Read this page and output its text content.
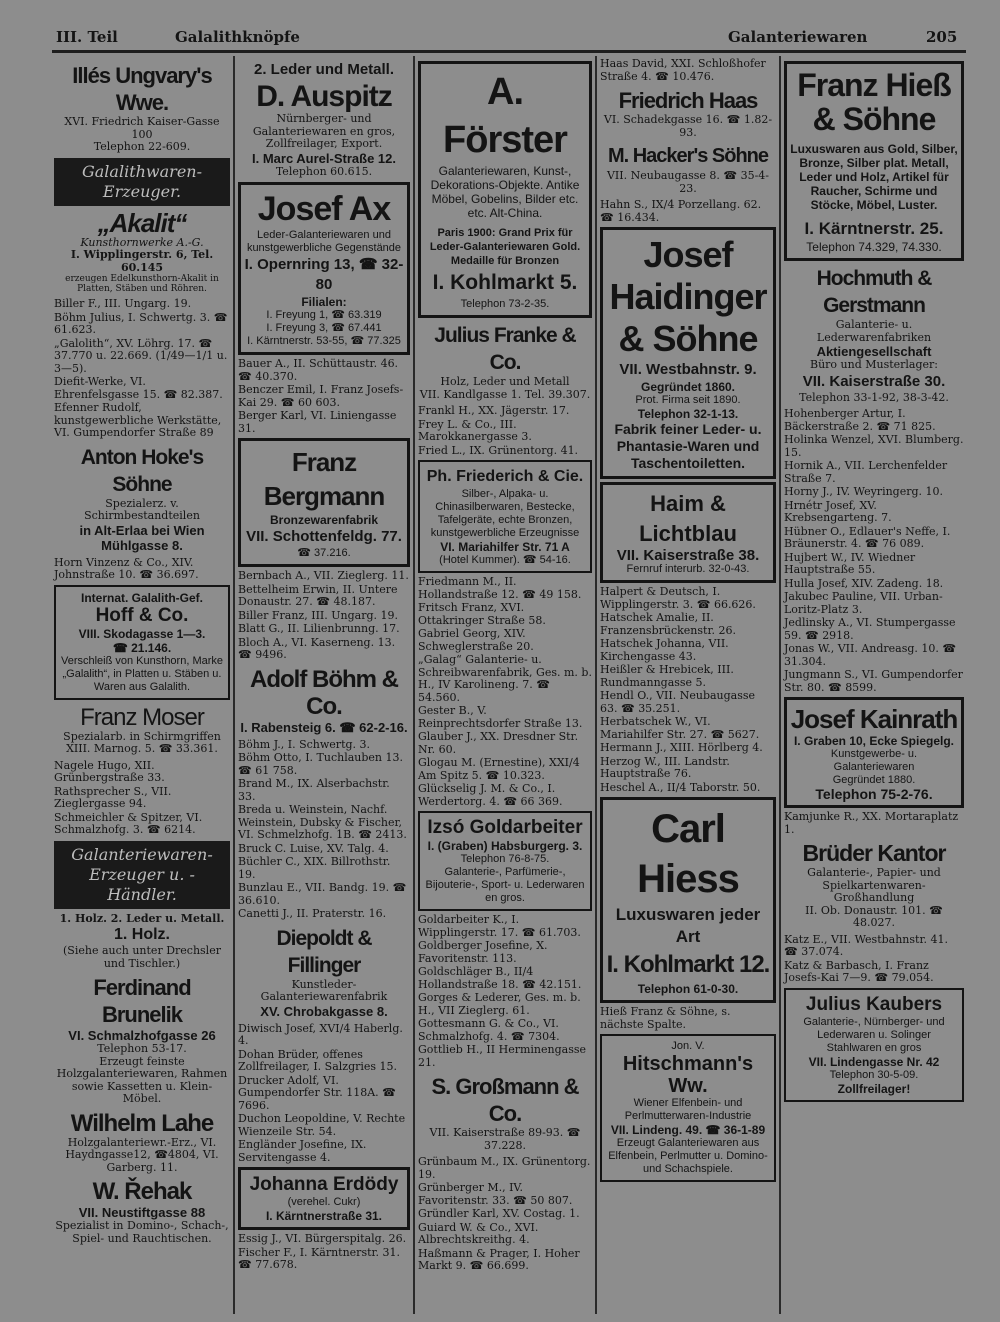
III. Teil	Galalithknöpfe	Galanteriewaren	205
Illés Ungvary's Wwe.
XVI. Friedrich Kaiser-Gasse 100
Telephon 22-609.
Galalithwaren-Erzeuger.
„Akalit“
Kunsthornwerke A.-G.
I. Wipplingerstr. 6, Tel. 60.145
erzeugen Edelkunsthorn-Akalit in Platten, Stäben und Röhren.
Biller F., III. Ungarg. 19.
Böhm Julius, I. Schwertg. 3. ☎ 61.623.
„Galolith“, XV. Löhrg. 17. ☎ 37.770 u. 22.669. (1/49—1/1 u. 3—5).
Diefit-Werke, VI. Ehrenfelsgasse 15. ☎ 82.387.
Efenner Rudolf, kunstgewerbliche Werkstätte, VI. Gumpendorfer Straße 89
Anton Hoke's Söhne
Spezialerz. v. Schirmbestandteilen
in Alt-Erlaa bei Wien
Mühlgasse 8.
Horn Vinzenz & Co., XIV. Johnstraße 10. ☎ 36.697.
Internat. Galalith-Gef.
Hoff & Co.
VIII. Skodagasse 1—3.
☎ 21.146.
Verschleiß von Kunsthorn, Marke „Galalith“, in Platten u. Stäben u. Waren aus Galalith.
Franz Moser
Spezialarb. in Schirmgriffen
XIII. Marnog. 5. ☎ 33.361.
Nagele Hugo, XII. Grünbergstraße 33.
Rathsprecher S., VII. Zieglergasse 94.
Schmeichler & Spitzer, VI. Schmalzhofg. 3. ☎ 6214.
Galanteriewaren-Erzeuger u. -Händler.
1. Holz. 2. Leder u. Metall.
1. Holz.
(Siehe auch unter Drechsler und Tischler.)
Ferdinand Brunelik
VI. Schmalzhofgasse 26
Telephon 53-17.
Erzeugt feinste Holzgalanteriewaren, Rahmen sowie Kassetten u. Klein-Möbel.
Wilhelm Lahe
Holzgalanteriewr.-Erz., VI. Haydngasse12, ☎4804, VI. Garberg. 11.
W. Řehak
VII. Neustiftgasse 88
Spezialist in Domino-, Schach-, Spiel- und Rauchtischen.
2. Leder und Metall.
D. Auspitz
Nürnberger- und Galanteriewaren en gros, Zollfreilager, Export.
I. Marc Aurel-Straße 12.
Telephon 60.615.
Josef Ax
Leder-Galanteriewaren und kunstgewerbliche Gegenstände
I. Opernring 13, ☎ 32-80
Filialen:
I. Freyung 1, ☎ 63.319
I. Freyung 3, ☎ 67.441
I. Kärntnerstr. 53-55, ☎ 77.325
Bauer A., II. Schüttaustr. 46. ☎ 40.370.
Benczer Emil, I. Franz Josefs-Kai 29. ☎ 60 603.
Berger Karl, VI. Liniengasse 31.
Franz Bergmann
Bronzewarenfabrik
VII. Schottenfeldg. 77.
☎ 37.216.
Bernbach A., VII. Zieglerg. 11.
Bettelheim Erwin, II. Untere Donaustr. 27. ☎ 48.187.
Biller Franz, III. Ungarg. 19.
Blatt G., II. Lilienbrunng. 17.
Bloch A., VI. Kaserneng. 13. ☎ 9496.
Adolf Böhm & Co.
I. Rabensteig 6. ☎ 62-2-16.
Böhm J., I. Schwertg. 3.
Böhm Otto, I. Tuchlauben 13. ☎ 61 758.
Brand M., IX. Alserbachstr. 33.
Breda u. Weinstein, Nachf. Weinstein, Dubsky & Fischer, VI. Schmelzhofg. 1B. ☎ 2413.
Bruck C. Luise, XV. Talg. 4.
Büchler C., XIX. Billrothstr. 19.
Bunzlau E., VII. Bandg. 19. ☎ 36.610.
Canetti J., II. Praterstr. 16.
Diepoldt & Fillinger
Kunstleder-Galanteriewarenfabrik
XV. Chrobakgasse 8.
Diwisch Josef, XVI/4 Haberlg. 4.
Dohan Brüder, offenes Zollfreilager, I. Salzgries 15.
Drucker Adolf, VI. Gumpendorfer Str. 118A. ☎ 7696.
Duchon Leopoldine, V. Rechte Wienzeile Str. 54.
Engländer Josefine, IX. Servitengasse 4.
Johanna Erdödy
(verehel. Cukr)
I. Kärntnerstraße 31.
Essig J., VI. Bürgerspitalg. 26.
Fischer F., I. Kärntnerstr. 31. ☎ 77.678.
A. Förster
Galanteriewaren, Kunst-, Dekorations-Objekte. Antike Möbel, Gobelins, Bilder etc. etc. Alt-China.
Paris 1900: Grand Prix für Leder-Galanteriewaren Gold. Medaille für Bronzen
I. Kohlmarkt 5.
Telephon 73-2-35.
Julius Franke & Co.
Holz, Leder und Metall
VII. Kandlgasse 1. Tel. 39.307.
Frankl H., XX. Jägerstr. 17.
Frey L. & Co., III. Marokkanergasse 3.
Fried L., IX. Grünentorg. 41.
Ph. Friederich & Cie.
Silber-, Alpaka- u. Chinasilberwaren, Bestecke, Tafelgeräte, echte Bronzen, kunstgewerbliche Erzeugnisse
VI. Mariahilfer Str. 71 A
(Hotel Kummer). ☎ 54-16.
Friedmann M., II. Hollandstraße 12. ☎ 49 158.
Fritsch Franz, XVI. Ottakringer Straße 58.
Gabriel Georg, XIV. Schweglerstraße 20.
„Galag“ Galanterie- u. Schreibwarenfabrik, Ges. m. b. H., IV Karolineng. 7. ☎ 54.560.
Gester B., V. Reinprechtsdorfer Straße 13.
Glauber J., XX. Dresdner Str. Nr. 60.
Glogau M. (Ernestine), XXI/4 Am Spitz 5. ☎ 10.323.
Glückselig J. M. & Co., I. Werdertorg. 4. ☎ 66 369.
Izsó Goldarbeiter
I. (Graben) Habsburgerg. 3.
Telephon 76-8-75.
Galanterie-, Parfümerie-, Bijouterie-, Sport- u. Lederwaren en gros.
Goldarbeiter K., I. Wipplingerstr. 17. ☎ 61.703.
Goldberger Josefine, X. Favoritenstr. 113.
Goldschläger B., II/4 Hollandstraße 18. ☎ 42.151.
Gorges & Lederer, Ges. m. b. H., VII Zieglerg. 61.
Gottesmann G. & Co., VI. Schmalzhofg. 4. ☎ 7304.
Gottlieb H., II Herminengasse 21.
S. Großmann & Co.
VII. Kaiserstraße 89-93. ☎ 37.228.
Grünbaum M., IX. Grünentorg. 19.
Grünberger M., IV. Favoritenstr. 33. ☎ 50 807.
Gründler Karl, XV. Costag. 1.
Guiard W. & Co., XVI. Albrechtskreithg. 4.
Haßmann & Prager, I. Hoher Markt 9. ☎ 66.699.
Haas David, XXI. Schloßhofer Straße 4. ☎ 10.476.
Friedrich Haas
VI. Schadekgasse 16. ☎ 1.82-93.
M. Hacker's Söhne
VII. Neubaugasse 8. ☎ 35-4-23.
Hahn S., IX/4 Porzellang. 62. ☎ 16.434.
Josef Haidinger & Söhne
VII. Westbahnstr. 9.
Gegründet 1860.
Prot. Firma seit 1890.
Telephon 32-1-13.
Fabrik feiner Leder- u. Phantasie-Waren und Taschentoiletten.
Haim & Lichtblau
VII. Kaiserstraße 38.
Fernruf interurb. 32-0-43.
Halpert & Deutsch, I. Wipplingerstr. 3. ☎ 66.626.
Hatschek Amalie, II. Franzensbrückenstr. 26.
Hatschek Johanna, VII. Kirchengasse 43.
Heißler & Hrebicek, III. Rundmanngasse 5.
Hendl O., VII. Neubaugasse 63. ☎ 35.251.
Herbatschek W., VI. Mariahilfer Str. 27. ☎ 5627.
Hermann J., XIII. Hörlberg 4.
Herzog W., III. Landstr. Hauptstraße 76.
Heschel A., II/4 Taborstr. 50.
Carl Hiess
Luxuswaren jeder Art
I. Kohlmarkt 12.
Telephon 61-0-30.
Hieß Franz & Söhne, s. nächste Spalte.
Jon. V.
Hitschmann's Ww.
Wiener Elfenbein- und Perlmutterwaren-Industrie
VII. Lindeng. 49. ☎ 36-1-89
Erzeugt Galanteriewaren aus Elfenbein, Perlmutter u. Domino- und Schachspiele.
Franz Hieß & Söhne
Luxuswaren aus Gold, Silber, Bronze, Silber plat. Metall, Leder und Holz, Artikel für Raucher, Schirme und Stöcke, Möbel, Luster.
I. Kärntnerstr. 25.
Telephon 74.329, 74.330.
Hochmuth & Gerstmann
Galanterie- u. Lederwarenfabriken
Aktiengesellschaft
Büro und Musterlager:
VII. Kaiserstraße 30.
Telephon 33-1-92, 38-3-42.
Hohenberger Artur, I. Bäckerstraße 2. ☎ 71 825.
Holinka Wenzel, XVI. Blumberg. 15.
Hornik A., VII. Lerchenfelder Straße 7.
Horny J., IV. Weyringerg. 10.
Hrnétr Josef, XV. Krebsengarteng. 7.
Hübner O., Edlauer's Neffe, I. Bräunerstr. 4. ☎ 76 089.
Hujbert W., IV. Wiedner Hauptstraße 55.
Hulla Josef, XIV. Zadeng. 18.
Jakubec Pauline, VII. Urban-Loritz-Platz 3.
Jedlinsky A., VI. Stumpergasse 59. ☎ 2918.
Jonas W., VII. Andreasg. 10. ☎ 31.304.
Jungmann S., VI. Gumpendorfer Str. 80. ☎ 8599.
Josef Kainrath
I. Graben 10, Ecke Spiegelg.
Kunstgewerbe- u. Galanteriewaren
Gegründet 1880.
Telephon 75-2-76.
Kamjunke R., XX. Mortaraplatz 1.
Brüder Kantor
Galanterie-, Papier- und Spielkartenwaren-Großhandlung
II. Ob. Donaustr. 101. ☎ 48.027.
Katz E., VII. Westbahnstr. 41. ☎ 37.074.
Katz & Barbasch, I. Franz Josefs-Kai 7—9. ☎ 79.054.
Julius Kaubers
Galanterie-, Nürnberger- und Lederwaren u. Solinger Stahlwaren en gros
VII. Lindengasse Nr. 42
Telephon 30-5-09.
Zollfreilager!
